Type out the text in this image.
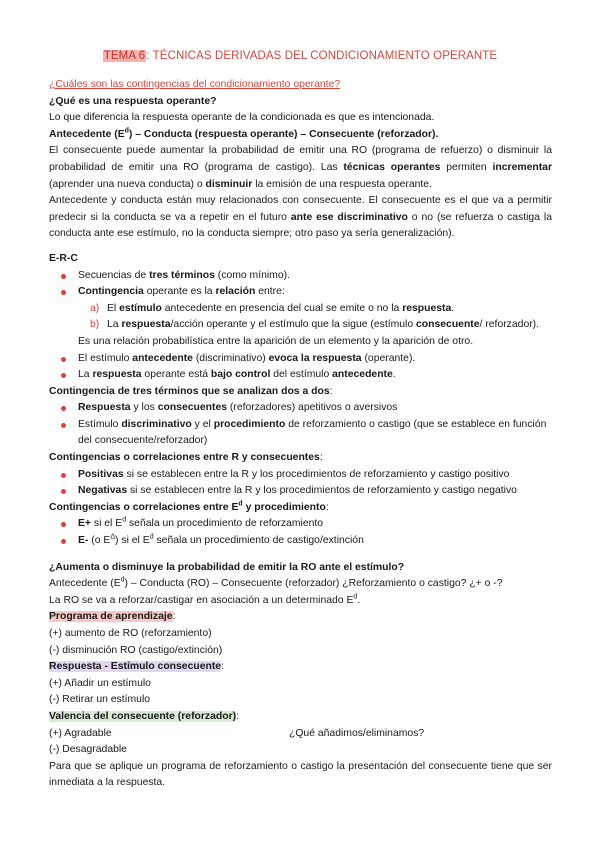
TEMA 6: TÉCNICAS DERIVADAS DEL CONDICIONAMIENTO OPERANTE

¿Cuáles son las contingencias del condicionamiento operante?

¿Qué es una respuesta operante?

Lo que diferencia la respuesta operante de la condicionada es que es intencionada.

Antecedente $(E^d)$ – Conducta (respuesta operante) – Consecuente (reforzador).

El consecuente puede aumentar la probabilidad de emitir una RO (programa de refuerzo) o disminuir la probabilidad de emitir una RO (programa de castigo). Las técnicas operantes permiten incrementar (aprender una nueva conducta) o disminuir la emisión de una respuesta operante.

Antecedente y conducta están muy relacionados con consecuente. El consecuente es el que va a permitir predecir si la conducta se va a repetir en el futuro ante ese discriminativo o no (se refuerza o castiga la conducta ante ese estímulo, no la conducta siempre; otro paso ya sería generalización).

E-R-C

Secuencias de tres términos (como mínimo).
Contingencia operante es la relación entre:
a) El estímulo antecedente en presencia del cual se emite o no la respuesta.
b) La respuesta/acción operante y el estímulo que la sigue (estímulo consecuente/ reforzador).

Es una relación probabilística entre la aparición de un elemento y la aparición de otro.

El estímulo antecedente (discriminativo) evoca la respuesta (operante).
La respuesta operante está bajo control del estímulo antecedente.

Contingencia de tres términos que se analizan dos a dos:

Respuesta y los consecuentes (reforzadores) apetitivos o aversivos
Estímulo discriminativo y el procedimiento de reforzamiento o castigo (que se establece en función del consecuente/reforzador)

Contingencias o correlaciones entre R y consecuentes:

Positivas si se establecen entre la R y los procedimientos de reforzamiento y castigo positivo
Negativas si se establecen entre la R y los procedimientos de reforzamiento y castigo negativo

Contingencias o correlaciones entre $E^d$ y procedimiento:

E+ si el $E^d$ señala un procedimiento de reforzamiento
E- (o $E^\Delta$) si el $E^d$ señala un procedimiento de castigo/extinción

¿Aumenta o disminuye la probabilidad de emitir la RO ante el estímulo?

Antecedente $(E^d)$ – Conducta (RO) – Consecuente (reforzador) ¿Reforzamiento o castigo? ¿+ o -?

La RO se va a reforzar/castigar en asociación a un determinado $E^d$.

Programa de aprendizaje:

(+) aumento de RO (reforzamiento)

(-) disminución RO (castigo/extinción)

Respuesta - Estímulo consecuente:

(+) Añadir un estímulo

(-) Retirar un estímulo

Valencia del consecuente (reforzador):

(+) Agradable	¿Qué añadimos/eliminamos?

(-) Desagradable

Para que se aplique un programa de reforzamiento o castigo la presentación del consecuente tiene que ser inmediata a la respuesta.
